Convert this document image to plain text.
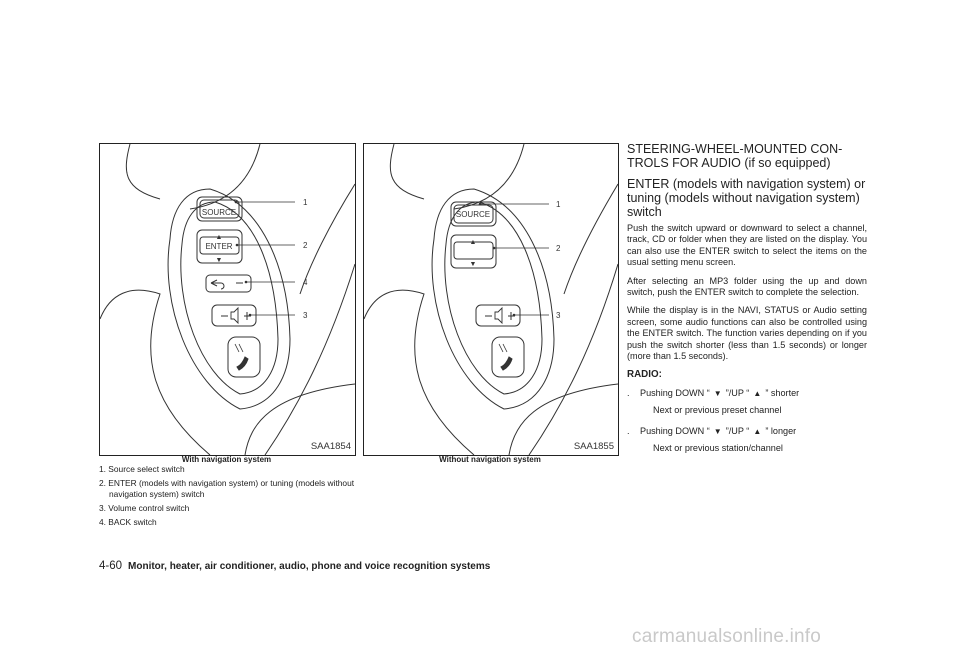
▲
▼
SOURCE
ENTER
1
2
4
3
SAA1854
With navigation system
▲
▼
SOURCE
1
2
3
SAA1855
Without navigation system
1. Source select switch
2. ENTER (models with navigation system) or tuning (models without navigation system) switch
3. Volume control switch
4. BACK switch
STEERING-WHEEL-MOUNTED CON- TROLS FOR AUDIO (if so equipped)
ENTER (models with navigation system) or tuning (models without navigation system) switch

Push the switch upward or downward to select a channel, track, CD or folder when they are listed on the display. You can also use the ENTER switch to select the items on the usual setting menu screen.

After selecting an MP3 folder using the up and down switch, push the ENTER switch to complete the selection.

While the display is in the NAVI, STATUS or Audio setting screen, some audio functions can also be controlled using the ENTER switch. The function varies depending on if you push the switch shorter (less than 1.5 seconds) or longer (more than 1.5 seconds).

RADIO:
. Pushing DOWN “ ▼ ”/UP “ ▲ ” shorter
Next or previous preset channel
. Pushing DOWN “ ▼ ”/UP “ ▲ ” longer
Next or previous station/channel
4-60 Monitor, heater, air conditioner, audio, phone and voice recognition systems
carmanualsonline.info
